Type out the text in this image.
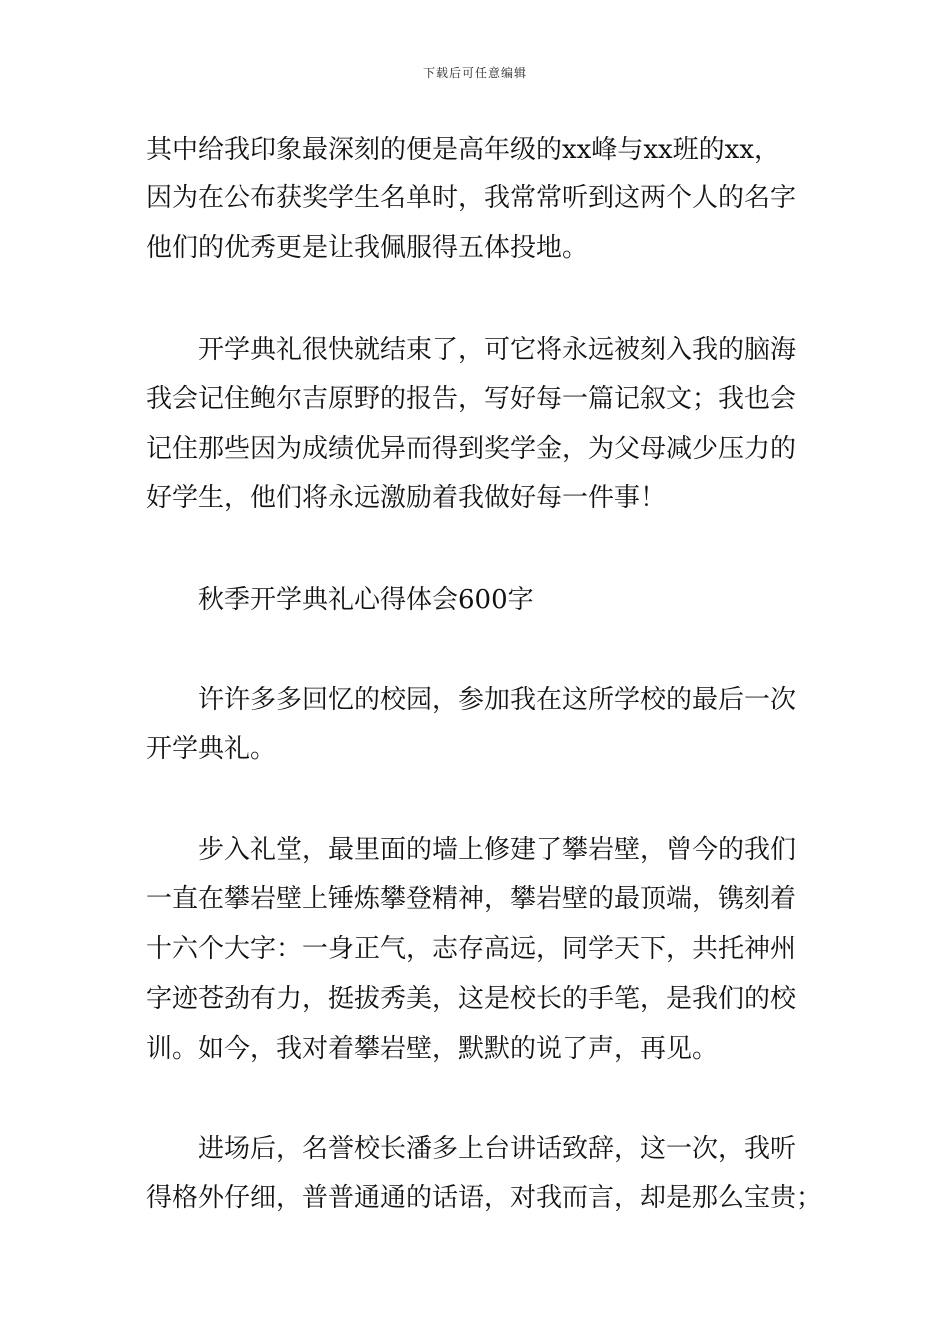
下载后可任意编辑
其中给我印象最深刻的便是高年级的xx峰与xx班的xx，
因为在公布获奖学生名单时，我常常听到这两个人的名字
他们的优秀更是让我佩服得五体投地。
开学典礼很快就结束了，可它将永远被刻入我的脑海
我会记住鲍尔吉原野的报告，写好每一篇记叙文；我也会
记住那些因为成绩优异而得到奖学金，为父母减少压力的
好学生，他们将永远激励着我做好每一件事！
秋季开学典礼心得体会600字
许许多多回忆的校园，参加我在这所学校的最后一次
开学典礼。
步入礼堂，最里面的墙上修建了攀岩壁，曾今的我们
一直在攀岩壁上锤炼攀登精神，攀岩壁的最顶端，镌刻着
十六个大字：一身正气，志存高远，同学天下，共托神州
字迹苍劲有力，挺拔秀美，这是校长的手笔，是我们的校
训。如今，我对着攀岩壁，默默的说了声，再见。
进场后，名誉校长潘多上台讲话致辞，这一次，我听
得格外仔细，普普通通的话语，对我而言，却是那么宝贵；
